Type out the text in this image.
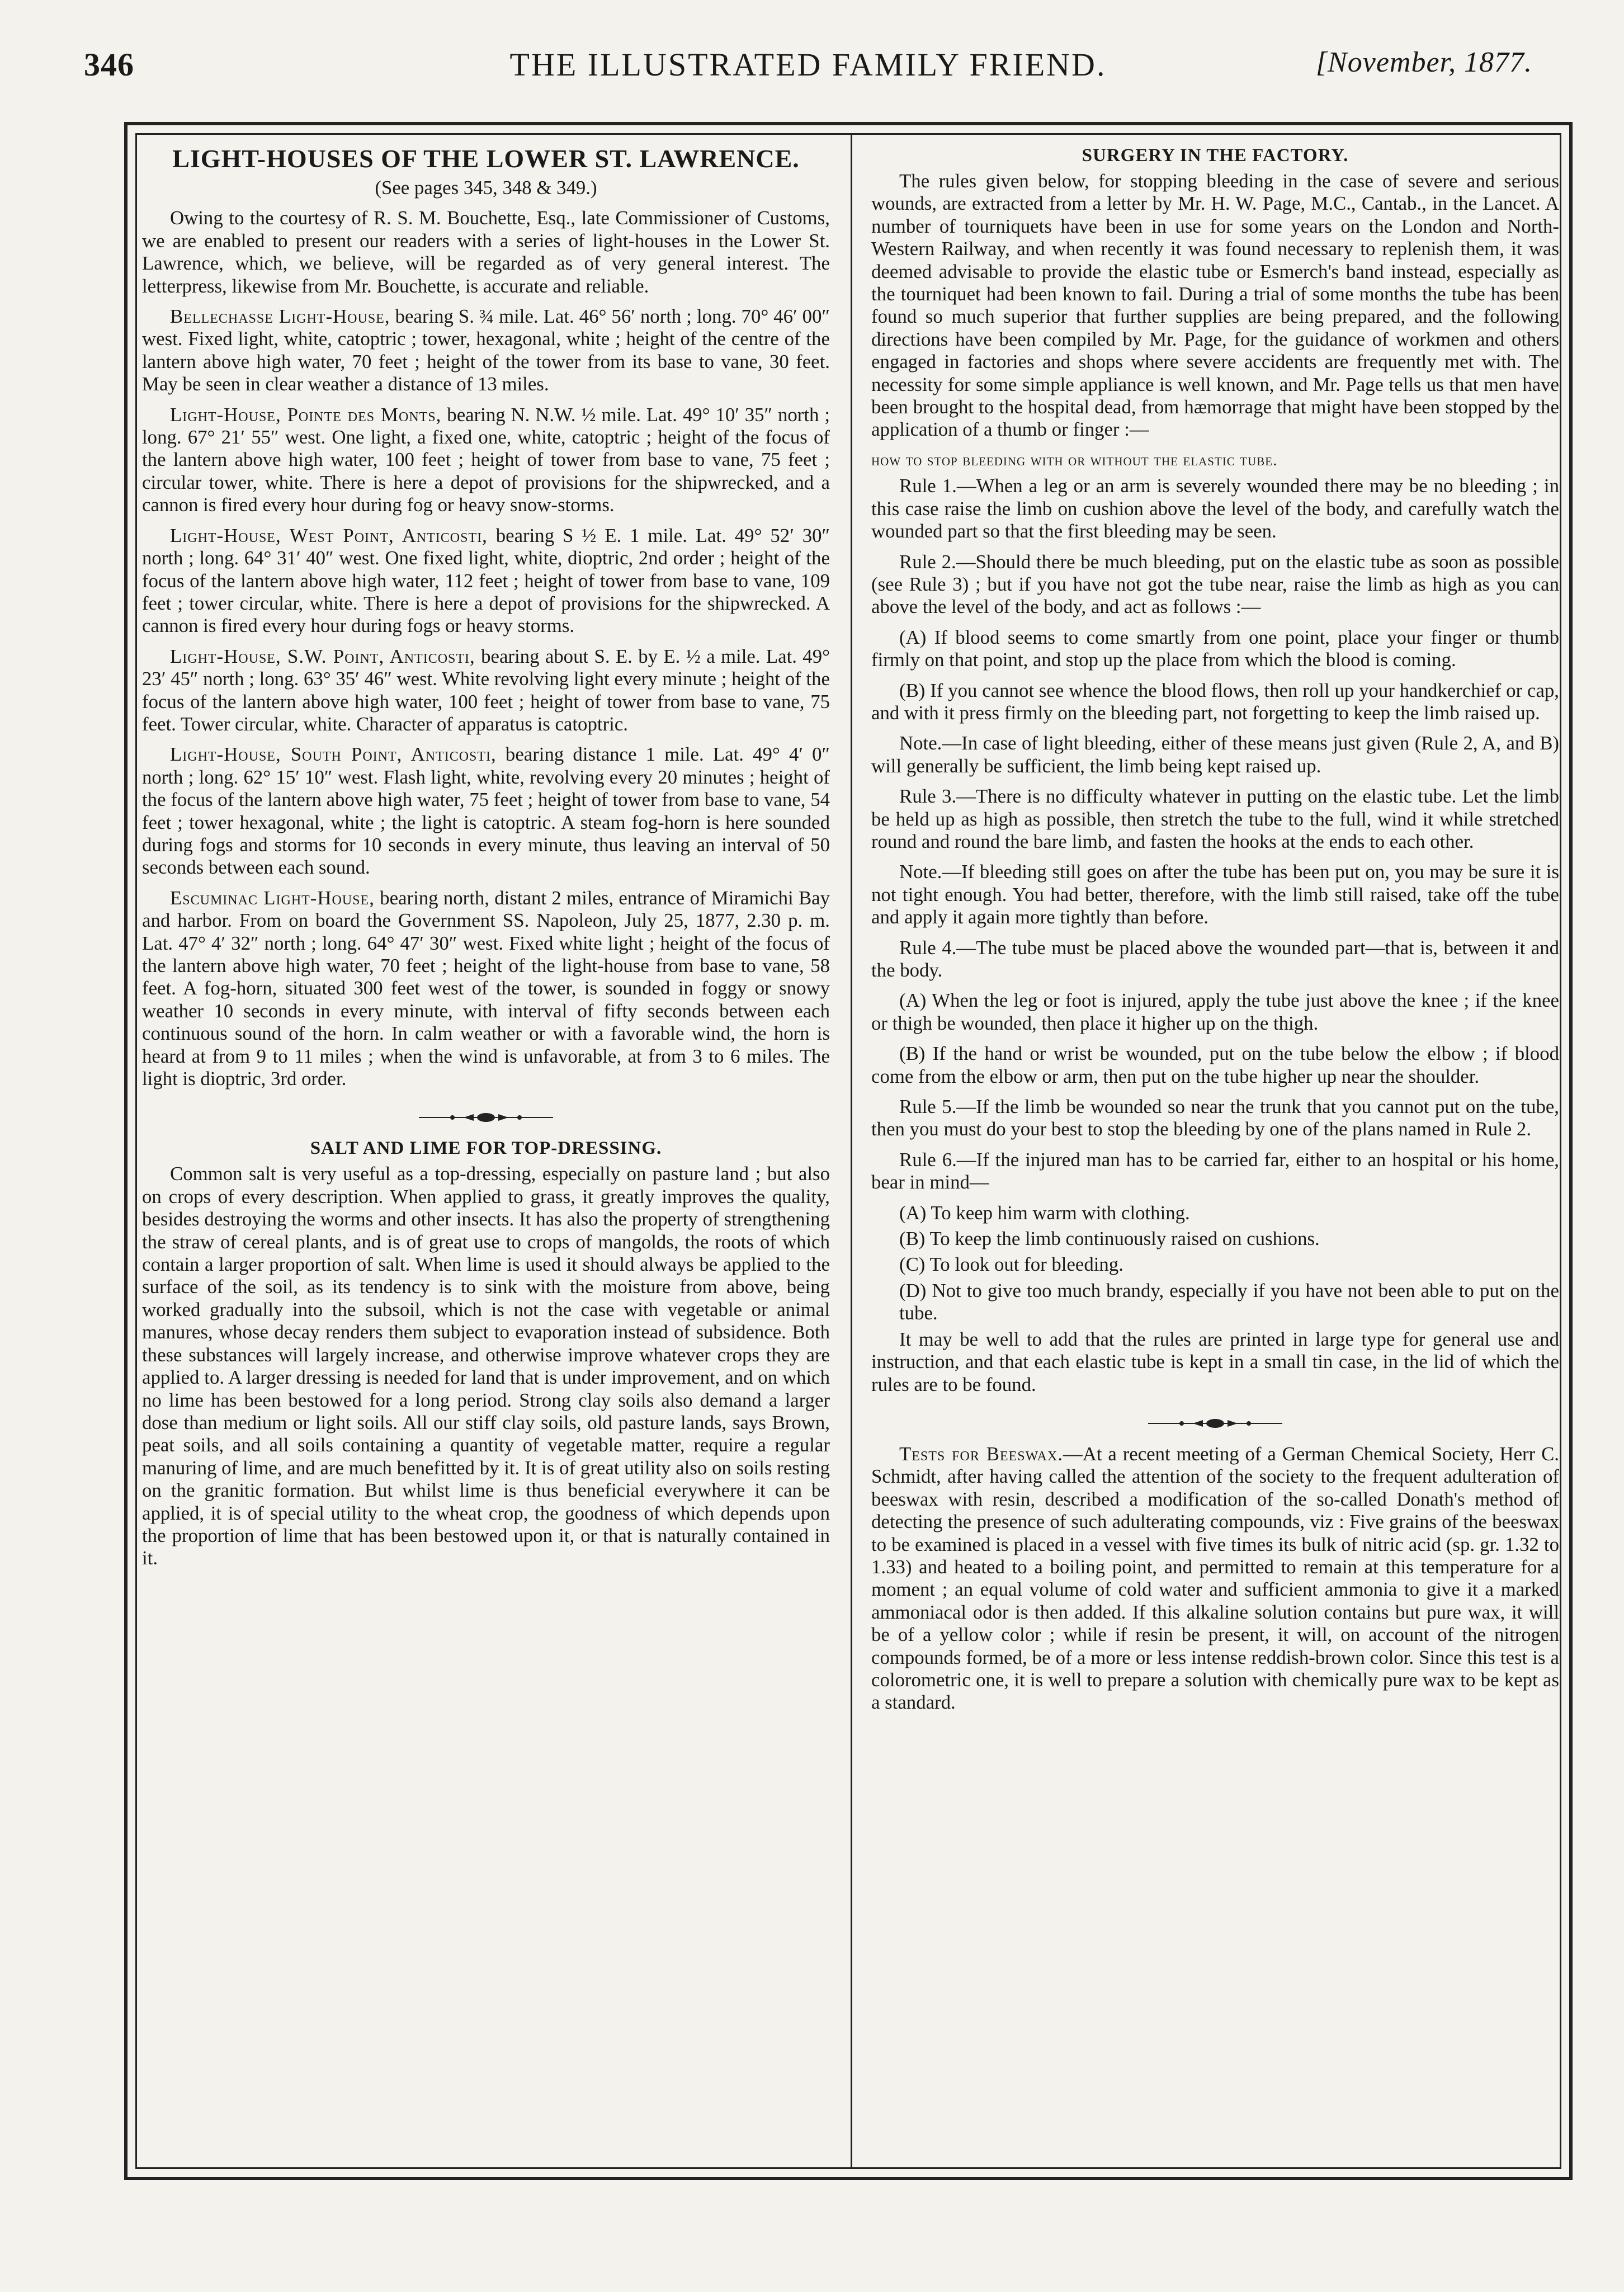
346	THE ILLUSTRATED FAMILY FRIEND.	[November, 1877.
LIGHT-HOUSES OF THE LOWER ST. LAWRENCE.

(See pages 345, 348 & 349.)

Owing to the courtesy of R. S. M. Bouchette, Esq., late Commissioner of Customs, we are enabled to present our readers with a series of light-houses in the Lower St. Lawrence, which, we believe, will be regarded as of very general interest. The letterpress, likewise from Mr. Bouchette, is accurate and reliable.

Bellechasse Light-House, bearing S. ¾ mile. Lat. 46° 56′ north ; long. 70° 46′ 00″ west. Fixed light, white, catoptric ; tower, hexagonal, white ; height of the centre of the lantern above high water, 70 feet ; height of the tower from its base to vane, 30 feet. May be seen in clear weather a distance of 13 miles.

Light-House, Pointe des Monts, bearing N. N.W. ½ mile. Lat. 49° 10′ 35″ north ; long. 67° 21′ 55″ west. One light, a fixed one, white, catoptric ; height of the focus of the lantern above high water, 100 feet ; height of tower from base to vane, 75 feet ; circular tower, white. There is here a depot of provisions for the shipwrecked, and a cannon is fired every hour during fog or heavy snow-storms.

Light-House, West Point, Anticosti, bearing S ½ E. 1 mile. Lat. 49° 52′ 30″ north ; long. 64° 31′ 40″ west. One fixed light, white, dioptric, 2nd order ; height of the focus of the lantern above high water, 112 feet ; height of tower from base to vane, 109 feet ; tower circular, white. There is here a depot of provisions for the shipwrecked. A cannon is fired every hour during fogs or heavy storms.

Light-House, S.W. Point, Anticosti, bearing about S. E. by E. ½ a mile. Lat. 49° 23′ 45″ north ; long. 63° 35′ 46″ west. White revolving light every minute ; height of the focus of the lantern above high water, 100 feet ; height of tower from base to vane, 75 feet. Tower circular, white. Character of apparatus is catoptric.

Light-House, South Point, Anticosti, bearing distance 1 mile. Lat. 49° 4′ 0″ north ; long. 62° 15′ 10″ west. Flash light, white, revolving every 20 minutes ; height of the focus of the lantern above high water, 75 feet ; height of tower from base to vane, 54 feet ; tower hexagonal, white ; the light is catoptric. A steam fog-horn is here sounded during fogs and storms for 10 seconds in every minute, thus leaving an interval of 50 seconds between each sound.

Escuminac Light-House, bearing north, distant 2 miles, entrance of Miramichi Bay and harbor. From on board the Government SS. Napoleon, July 25, 1877, 2.30 p. m. Lat. 47° 4′ 32″ north ; long. 64° 47′ 30″ west. Fixed white light ; height of the focus of the lantern above high water, 70 feet ; height of the light-house from base to vane, 58 feet. A fog-horn, situated 300 feet west of the tower, is sounded in foggy or snowy weather 10 seconds in every minute, with interval of fifty seconds between each continuous sound of the horn. In calm weather or with a favorable wind, the horn is heard at from 9 to 11 miles ; when the wind is unfavorable, at from 3 to 6 miles. The light is dioptric, 3rd order.

SALT AND LIME FOR TOP-DRESSING.

Common salt is very useful as a top-dressing, especially on pasture land ; but also on crops of every description. When applied to grass, it greatly improves the quality, besides destroying the worms and other insects. It has also the property of strengthening the straw of cereal plants, and is of great use to crops of mangolds, the roots of which contain a larger proportion of salt. When lime is used it should always be applied to the surface of the soil, as its tendency is to sink with the moisture from above, being worked gradually into the subsoil, which is not the case with vegetable or animal manures, whose decay renders them subject to evaporation instead of subsidence. Both these substances will largely increase, and otherwise improve whatever crops they are applied to. A larger dressing is needed for land that is under improvement, and on which no lime has been bestowed for a long period. Strong clay soils also demand a larger dose than medium or light soils. All our stiff clay soils, old pasture lands, says Brown, peat soils, and all soils containing a quantity of vegetable matter, require a regular manuring of lime, and are much benefitted by it. It is of great utility also on soils resting on the granitic formation. But whilst lime is thus beneficial everywhere it can be applied, it is of special utility to the wheat crop, the goodness of which depends upon the proportion of lime that has been bestowed upon it, or that is naturally contained in it.

SURGERY IN THE FACTORY.

The rules given below, for stopping bleeding in the case of severe and serious wounds, are extracted from a letter by Mr. H. W. Page, M.C., Cantab., in the Lancet. A number of tourniquets have been in use for some years on the London and North-Western Railway, and when recently it was found necessary to replenish them, it was deemed advisable to provide the elastic tube or Esmerch's band instead, especially as the tourniquet had been known to fail. During a trial of some months the tube has been found so much superior that further supplies are being prepared, and the following directions have been compiled by Mr. Page, for the guidance of workmen and others engaged in factories and shops where severe accidents are frequently met with. The necessity for some simple appliance is well known, and Mr. Page tells us that men have been brought to the hospital dead, from hæmorrage that might have been stopped by the application of a thumb or finger :—

how to stop bleeding with or without the elastic tube.

Rule 1.—When a leg or an arm is severely wounded there may be no bleeding ; in this case raise the limb on cushion above the level of the body, and carefully watch the wounded part so that the first bleeding may be seen.

Rule 2.—Should there be much bleeding, put on the elastic tube as soon as possible (see Rule 3) ; but if you have not got the tube near, raise the limb as high as you can above the level of the body, and act as follows :—

(A) If blood seems to come smartly from one point, place your finger or thumb firmly on that point, and stop up the place from which the blood is coming.

(B) If you cannot see whence the blood flows, then roll up your handkerchief or cap, and with it press firmly on the bleeding part, not forgetting to keep the limb raised up.

Note.—In case of light bleeding, either of these means just given (Rule 2, A, and B) will generally be sufficient, the limb being kept raised up.

Rule 3.—There is no difficulty whatever in putting on the elastic tube. Let the limb be held up as high as possible, then stretch the tube to the full, wind it while stretched round and round the bare limb, and fasten the hooks at the ends to each other.

Note.—If bleeding still goes on after the tube has been put on, you may be sure it is not tight enough. You had better, therefore, with the limb still raised, take off the tube and apply it again more tightly than before.

Rule 4.—The tube must be placed above the wounded part—that is, between it and the body.

(A) When the leg or foot is injured, apply the tube just above the knee ; if the knee or thigh be wounded, then place it higher up on the thigh.

(B) If the hand or wrist be wounded, put on the tube below the elbow ; if blood come from the elbow or arm, then put on the tube higher up near the shoulder.

Rule 5.—If the limb be wounded so near the trunk that you cannot put on the tube, then you must do your best to stop the bleeding by one of the plans named in Rule 2.

Rule 6.—If the injured man has to be carried far, either to an hospital or his home, bear in mind—

(A) To keep him warm with clothing.

(B) To keep the limb continuously raised on cushions.

(C) To look out for bleeding.

(D) Not to give too much brandy, especially if you have not been able to put on the tube.

It may be well to add that the rules are printed in large type for general use and instruction, and that each elastic tube is kept in a small tin case, in the lid of which the rules are to be found.

Tests for Beeswax.—At a recent meeting of a German Chemical Society, Herr C. Schmidt, after having called the attention of the society to the frequent adulteration of beeswax with resin, described a modification of the so-called Donath's method of detecting the presence of such adulterating compounds, viz : Five grains of the beeswax to be examined is placed in a vessel with five times its bulk of nitric acid (sp. gr. 1.32 to 1.33) and heated to a boiling point, and permitted to remain at this temperature for a moment ; an equal volume of cold water and sufficient ammonia to give it a marked ammoniacal odor is then added. If this alkaline solution contains but pure wax, it will be of a yellow color ; while if resin be present, it will, on account of the nitrogen compounds formed, be of a more or less intense reddish-brown color. Since this test is a colorometric one, it is well to prepare a solution with chemically pure wax to be kept as a standard.
